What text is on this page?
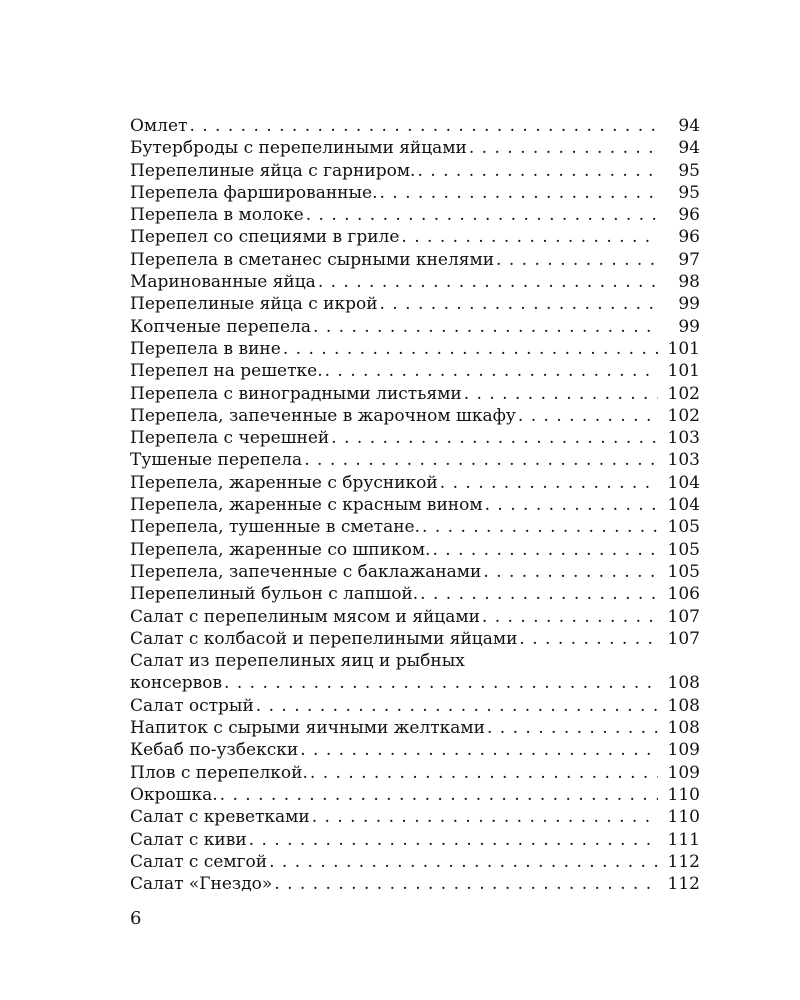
Омлет . . .	94
Бутерброды с перепелиными яйцами . . .	94
Перепелиные яйца с гарниром. . . .	95
Перепела фаршированные. . . .	95
Перепела в молоке . . .	96
Перепел со специями в гриле . . .	96
Перепела в сметанес сырными кнелями . . .	97
Маринованные яйца . . .	98
Перепелиные яйца с икрой . . .	99
Копченые перепела . . .	99
Перепела в вине . . .	101
Перепел на решетке. . . .	101
Перепела с виноградными листьями . . .	102
Перепела, запеченные в жарочном шкафу . . .	102
Перепела с черешней . . .	103
Тушеные перепела . . .	103
Перепела, жаренные с брусникой . . .	104
Перепела, жаренные с красным вином . . .	104
Перепела, тушенные в сметане. . . .	105
Перепела, жаренные со шпиком. . . .	105
Перепела, запеченные с баклажанами . . .	105
Перепелиный бульон с лапшой. . . .	106
Салат с перепелиным мясом и яйцами . . .	107
Салат с колбасой и перепелиными яйцами . . .	107
Салат из перепелиных яиц и рыбных
консервов . . .	108
Салат острый . . .	108
Напиток с сырыми яичными желтками . . .	108
Кебаб по-узбекски . . .	109
Плов с перепелкой. . . .	109
Окрошка. . . .	110
Салат с креветками . . .	110
Салат с киви . . .	111
Салат с семгой . . .	112
Салат «Гнездо» . . .	112
6
